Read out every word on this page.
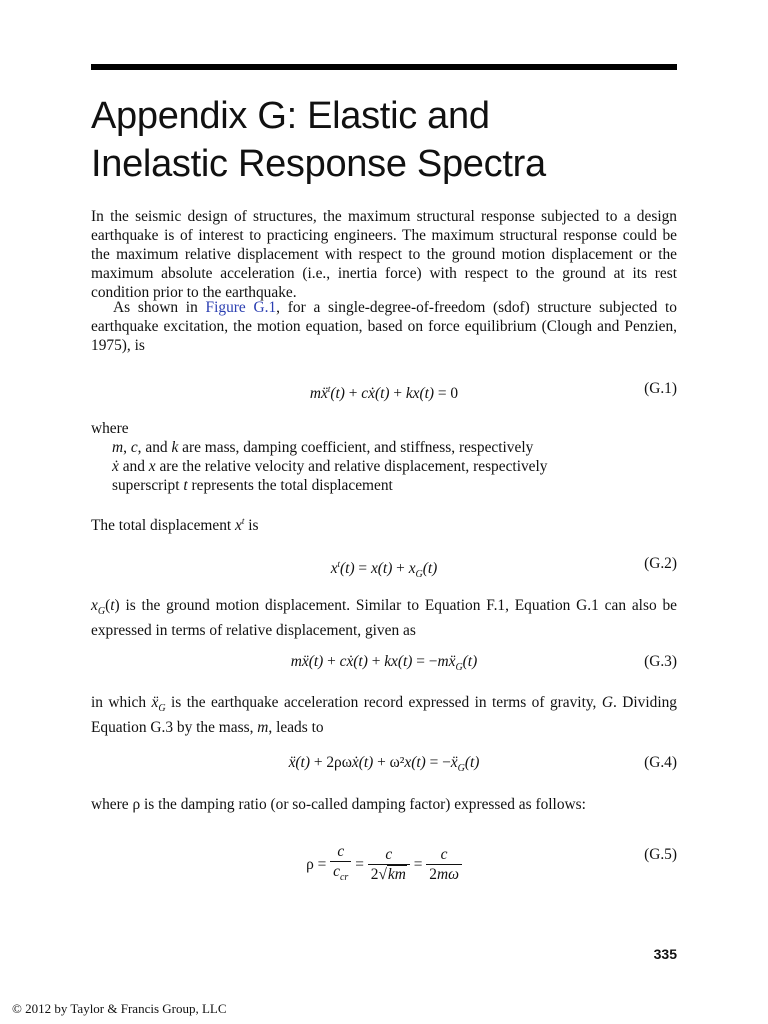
Appendix G: Elastic and
Inelastic Response Spectra

In the seismic design of structures, the maximum structural response subjected to a design earthquake is of interest to practicing engineers. The maximum structural response could be the maximum relative displacement with respect to the ground motion displacement or the maximum absolute acceleration (i.e., inertia force) with respect to the ground at its rest condition prior to the earthquake.

As shown in Figure G.1, for a single-degree-of-freedom (sdof) structure subjected to earthquake excitation, the motion equation, based on force equilibrium (Clough and Penzien, 1975), is

mẍ$^t$(t) + cẋ(t) + kx(t) = 0	(G.1)
where
m, c, and k are mass, damping coefficient, and stiffness, respectively
ẋ and x are the relative velocity and relative displacement, respectively
superscript t represents the total displacement
The total displacement $x^t$ is
$x^t(t) = x(t) + x_G(t)$	(G.2)

$x_G(t)$ is the ground motion displacement. Similar to Equation F.1, Equation G.1 can also be expressed in terms of relative displacement, given as

mẍ(t) + cẋ(t) + kx(t) = −mẍ$_G$(t)	(G.3)

in which ẍ$_G$ is the earthquake acceleration record expressed in terms of gravity, G. Dividing Equation G.3 by the mass, m, leads to

ẍ(t) + 2ρωẋ(t) + ω²x(t) = −ẍ$_G$(t)	(G.4)

where ρ is the damping ratio (or so-called damping factor) expressed as follows:

$\rho = \frac{c}{c_{cr}} = \frac{c}{2√km} = \frac{c}{2m\omega}$	(G.5)
335
© 2012 by Taylor & Francis Group, LLC
